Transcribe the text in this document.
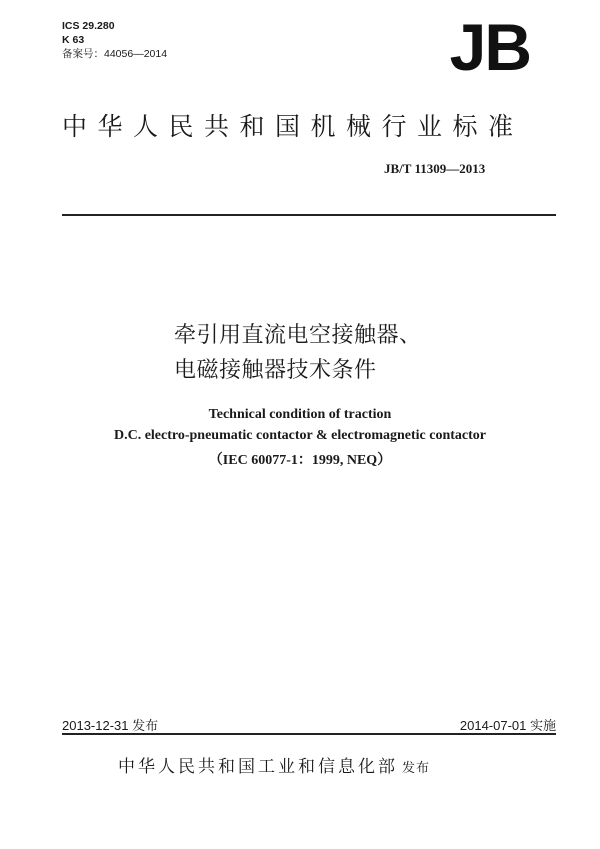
ICS 29.280
K 63
备案号：44056—2014	JB
中华人民共和国机械行业标准
JB/T 11309—2013
牵引用直流电空接触器、
电磁接触器技术条件
Technical condition of traction
D.C. electro-pneumatic contactor & electromagnetic contactor
（IEC 60077-1：1999, NEQ）
2013-12-31 发布	2014-07-01 实施
中华人民共和国工业和信息化部 发布
